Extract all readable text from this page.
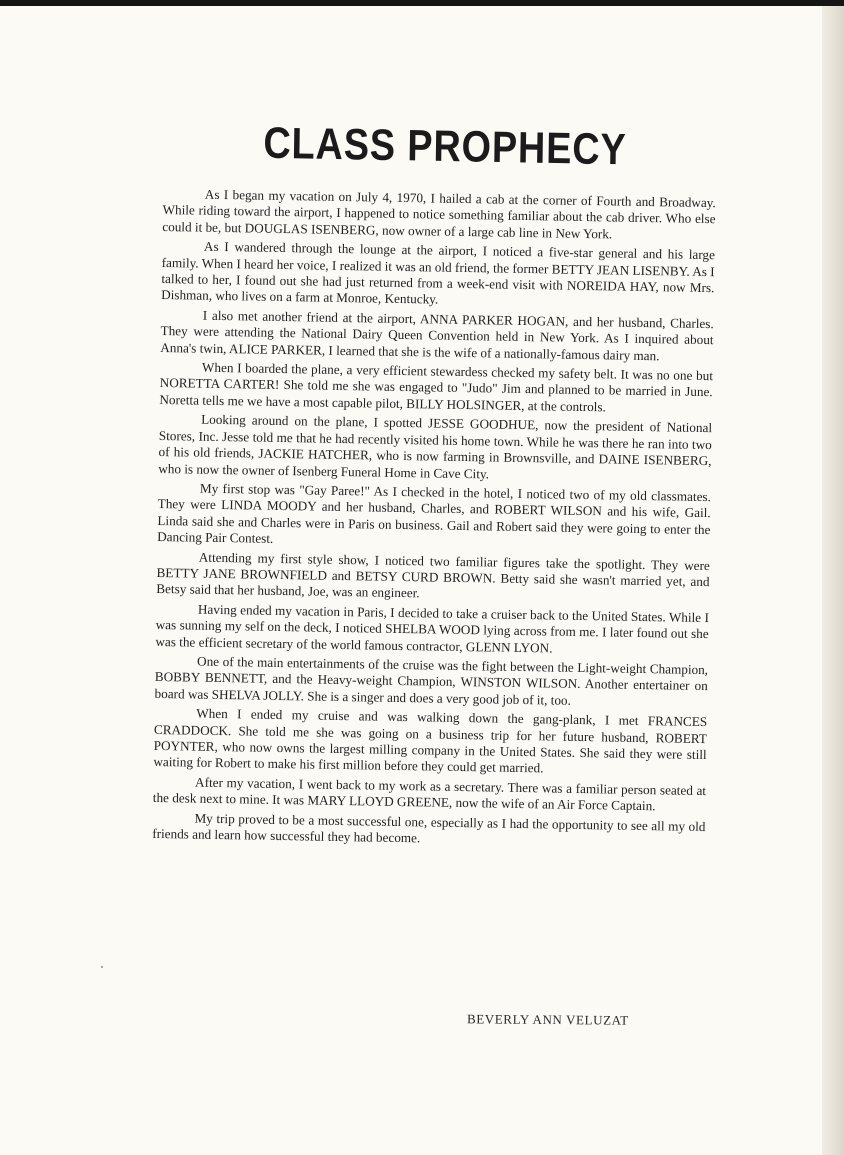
CLASS PROPHECY

As I began my vacation on July 4, 1970, I hailed a cab at the corner of Fourth and Broadway. While riding toward the airport, I happened to notice something familiar about the cab driver. Who else could it be, but DOUGLAS ISENBERG, now owner of a large cab line in New York.

As I wandered through the lounge at the airport, I noticed a five-star general and his large family. When I heard her voice, I realized it was an old friend, the former BETTY JEAN LISENBY. As I talked to her, I found out she had just returned from a week-end visit with NOREIDA HAY, now Mrs. Dishman, who lives on a farm at Monroe, Kentucky.

I also met another friend at the airport, ANNA PARKER HOGAN, and her husband, Charles. They were attending the National Dairy Queen Convention held in New York. As I inquired about Anna's twin, ALICE PARKER, I learned that she is the wife of a nationally-famous dairy man.

When I boarded the plane, a very efficient stewardess checked my safety belt. It was no one but NORETTA CARTER! She told me she was engaged to "Judo" Jim and planned to be married in June. Noretta tells me we have a most capable pilot, BILLY HOLSINGER, at the controls.

Looking around on the plane, I spotted JESSE GOODHUE, now the president of National Stores, Inc. Jesse told me that he had recently visited his home town. While he was there he ran into two of his old friends, JACKIE HATCHER, who is now farming in Brownsville, and DAINE ISENBERG, who is now the owner of Isenberg Funeral Home in Cave City.

My first stop was "Gay Paree!" As I checked in the hotel, I noticed two of my old classmates. They were LINDA MOODY and her husband, Charles, and ROBERT WILSON and his wife, Gail. Linda said she and Charles were in Paris on business. Gail and Robert said they were going to enter the Dancing Pair Contest.

Attending my first style show, I noticed two familiar figures take the spotlight. They were BETTY JANE BROWNFIELD and BETSY CURD BROWN. Betty said she wasn't married yet, and Betsy said that her husband, Joe, was an engineer.

Having ended my vacation in Paris, I decided to take a cruiser back to the United States. While I was sunning my self on the deck, I noticed SHELBA WOOD lying across from me. I later found out she was the efficient secretary of the world famous contractor, GLENN LYON.

One of the main entertainments of the cruise was the fight between the Light-weight Champion, BOBBY BENNETT, and the Heavy-weight Champion, WINSTON WILSON. Another entertainer on board was SHELVA JOLLY. She is a singer and does a very good job of it, too.

When I ended my cruise and was walking down the gang-plank, I met FRANCES CRADDOCK. She told me she was going on a business trip for her future husband, ROBERT POYNTER, who now owns the largest milling company in the United States. She said they were still waiting for Robert to make his first million before they could get married.

After my vacation, I went back to my work as a secretary. There was a familiar person seated at the desk next to mine. It was MARY LLOYD GREENE, now the wife of an Air Force Captain.

My trip proved to be a most successful one, especially as I had the opportunity to see all my old friends and learn how successful they had become.

BEVERLY ANN VELUZAT
